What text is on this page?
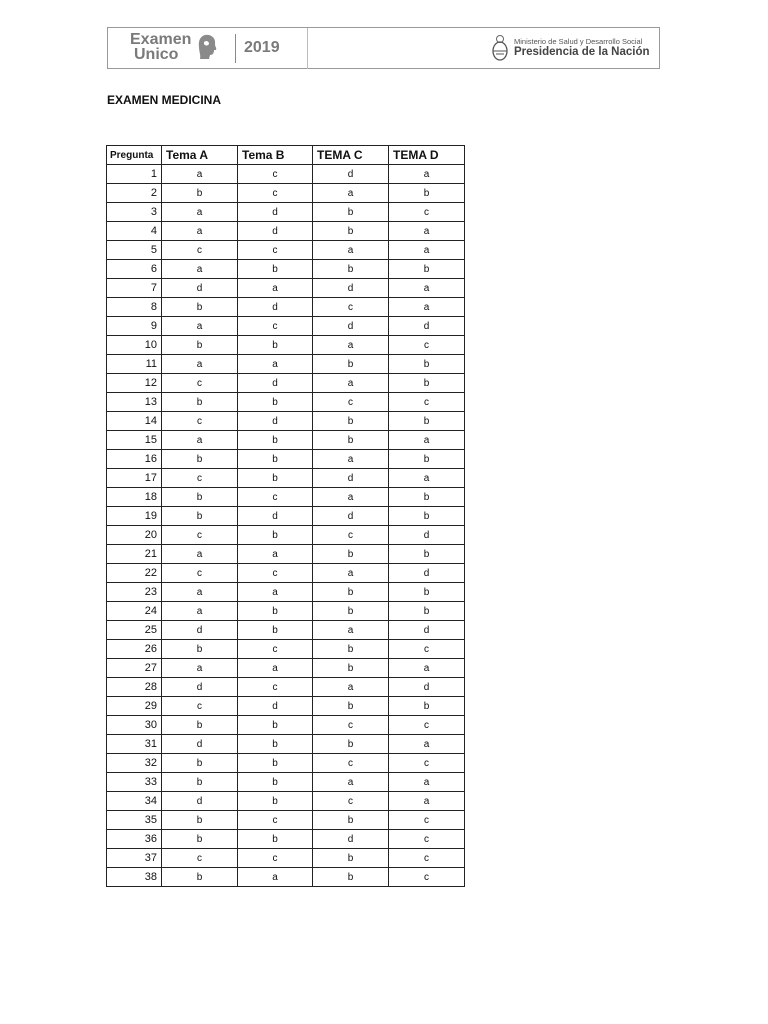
Examen
Unico	2019	Ministerio de Salud y Desarrollo Social
Presidencia de la Nación
EXAMEN MEDICINA
Pregunta	Tema A	Tema B	TEMA C	TEMA D
1	a	c	d	a
2	b	c	a	b
3	a	d	b	c
4	a	d	b	a
5	c	c	a	a
6	a	b	b	b
7	d	a	d	a
8	b	d	c	a
9	a	c	d	d
10	b	b	a	c
11	a	a	b	b
12	c	d	a	b
13	b	b	c	c
14	c	d	b	b
15	a	b	b	a
16	b	b	a	b
17	c	b	d	a
18	b	c	a	b
19	b	d	d	b
20	c	b	c	d
21	a	a	b	b
22	c	c	a	d
23	a	a	b	b
24	a	b	b	b
25	d	b	a	d
26	b	c	b	c
27	a	a	b	a
28	d	c	a	d
29	c	d	b	b
30	b	b	c	c
31	d	b	b	a
32	b	b	c	c
33	b	b	a	a
34	d	b	c	a
35	b	c	b	c
36	b	b	d	c
37	c	c	b	c
38	b	a	b	c
